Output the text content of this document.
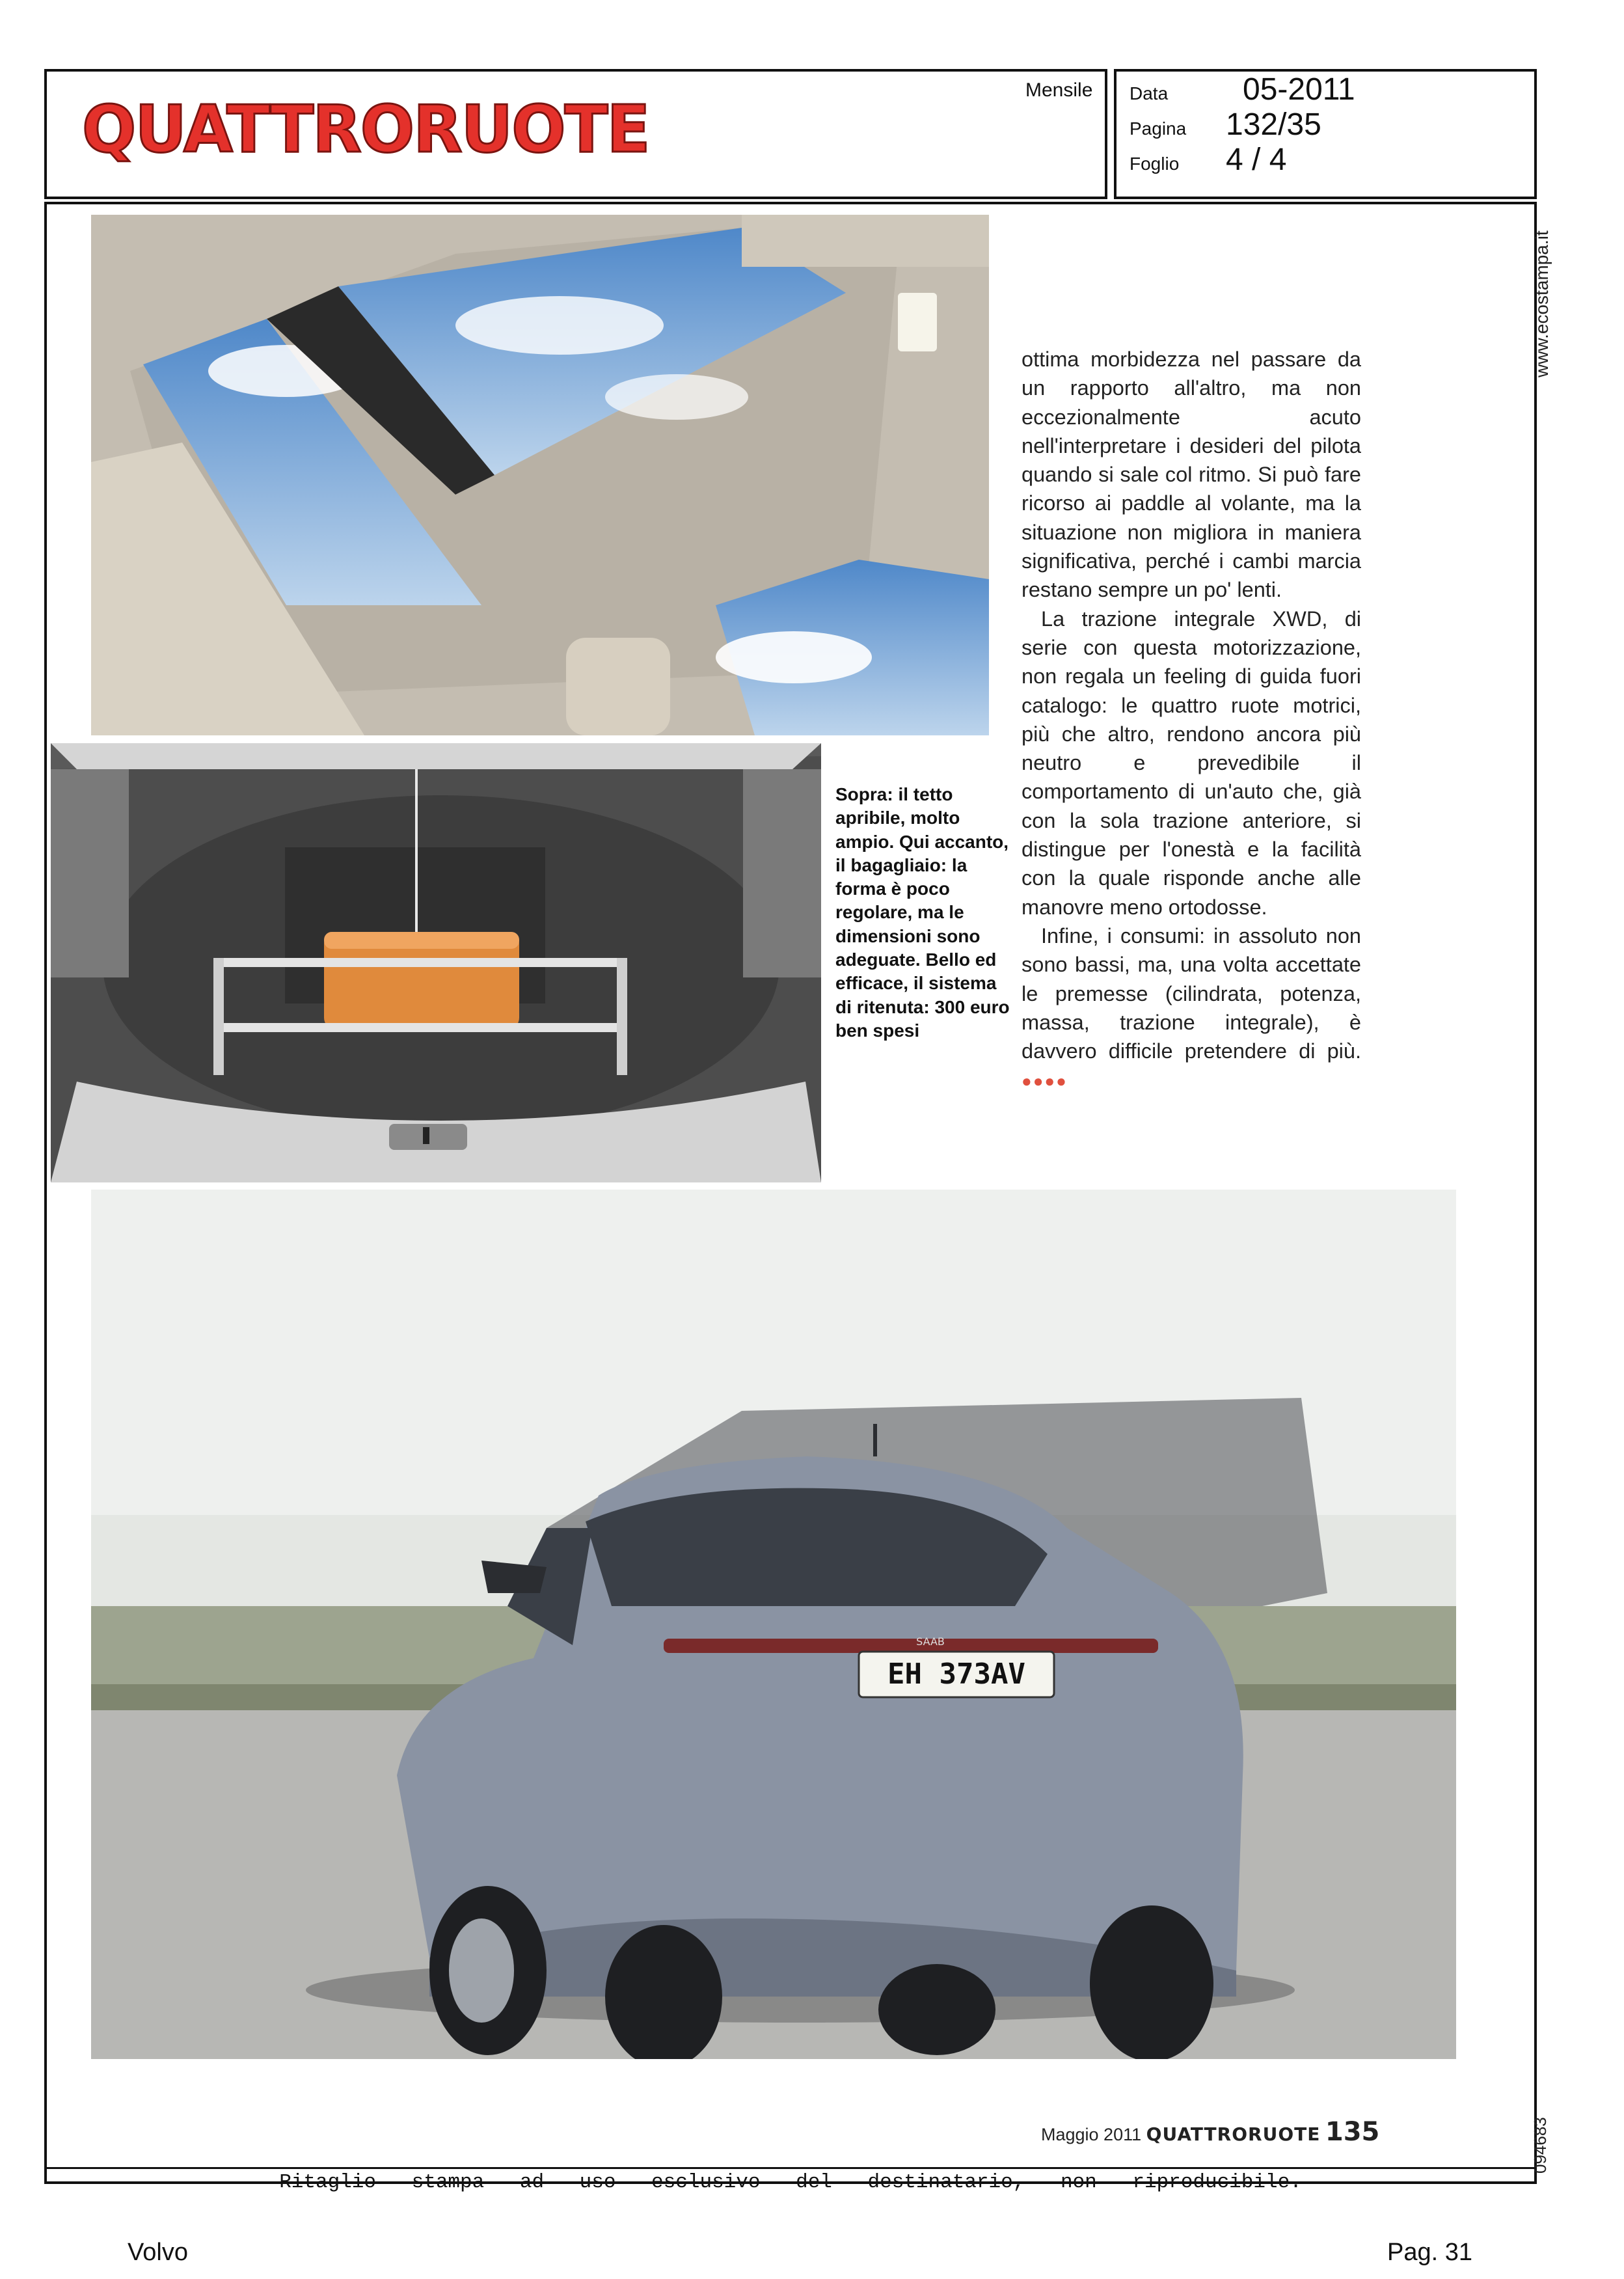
QUATTRORUOTE
Mensile Data 05-2011
Pagina 132/35
Foglio 4 / 4
Sopra: il tetto apribile, molto ampio. Qui accanto, il bagagliaio: la forma è poco regolare, ma le dimensioni sono adeguate. Bello ed efficace, il sistema di ritenuta: 300 euro ben spesi

ottima morbidezza nel passare da un rapporto all'altro, ma non eccezionalmente acuto nell'interpretare i desideri del pilota quando si sale col ritmo. Si può fare ricorso ai paddle al volante, ma la situazione non migliora in maniera significativa, perché i cambi marcia restano sempre un po' lenti.

La trazione integrale XWD, di serie con questa motorizzazione, non regala un feeling di guida fuori catalogo: le quattro ruote motrici, più che altro, rendono ancora più neutro e prevedibile il comportamento di un'auto che, già con la sola trazione anteriore, si distingue per l'onestà e la facilità con la quale risponde anche alle manovre meno ortodosse.

Infine, i consumi: in assoluto non sono bassi, ma, una volta accettate le premesse (cilindrata, potenza, massa, trazione integrale), è davvero difficile pretendere di più. ●●●●

EH 373AV
SAAB
www.ecostampa.it
094683
Maggio 2011 QUATTRORUOTE 135
Ritaglio stampa ad uso esclusivo del destinatario, non riproducibile.
Volvo	Pag. 31
